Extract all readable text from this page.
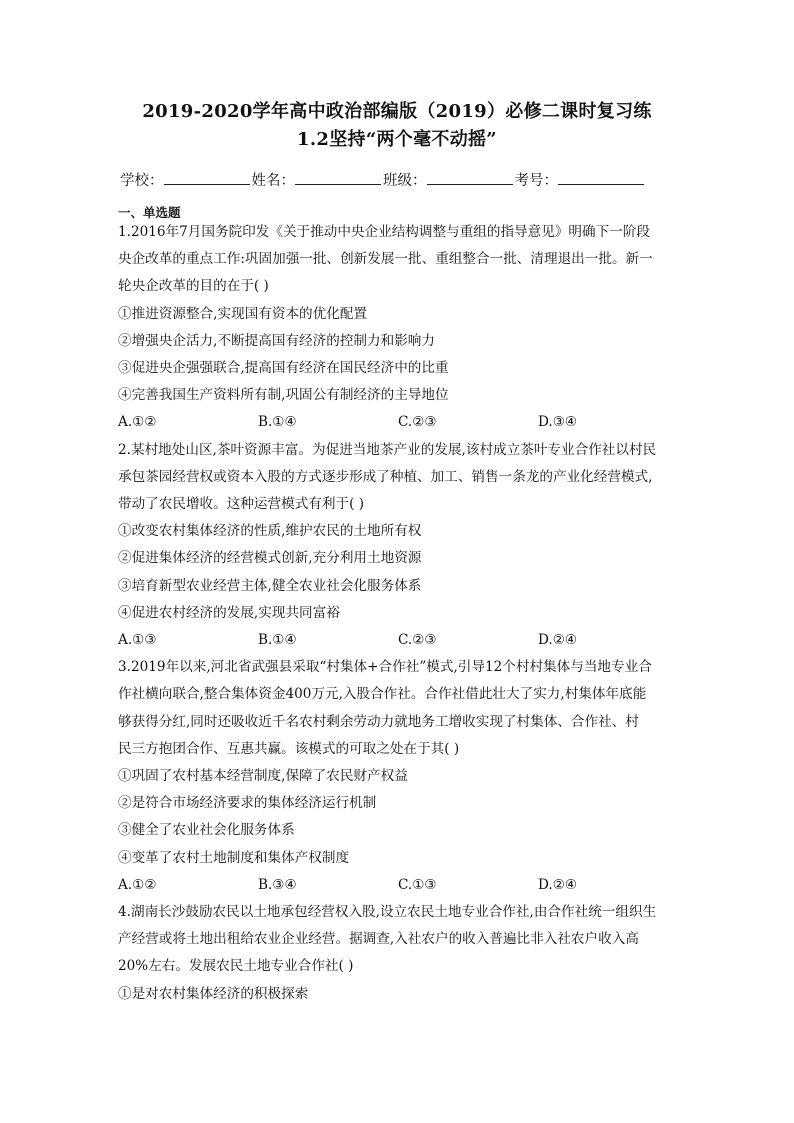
2019-2020学年高中政治部编版（2019）必修二课时复习练
1.2坚持“两个毫不动摇”
学校：	姓名：	班级：	考号：
一、单选题
1.2016年7月国务院印发《关于推动中央企业结构调整与重组的指导意见》明确下一阶段
央企改革的重点工作:巩固加强一批、创新发展一批、重组整合一批、清理退出一批。新一
轮央企改革的目的在于( )
①推进资源整合,实现国有资本的优化配置
②增强央企活力,不断提高国有经济的控制力和影响力
③促进央企强强联合,提高国有经济在国民经济中的比重
④完善我国生产资料所有制,巩固公有制经济的主导地位
A.①②	B.①④	C.②③	D.③④
2.某村地处山区,茶叶资源丰富。为促进当地茶产业的发展,该村成立茶叶专业合作社以村民
承包茶园经营权或资本入股的方式逐步形成了种植、加工、销售一条龙的产业化经营模式,
带动了农民增收。这种运营模式有利于( )
①改变农村集体经济的性质,维护农民的土地所有权
②促进集体经济的经营模式创新,充分利用土地资源
③培育新型农业经营主体,健全农业社会化服务体系
④促进农村经济的发展,实现共同富裕
A.①③	B.①④	C.②③	D.②④
3.2019年以来,河北省武强县采取“村集体+合作社”模式,引导12个村村集体与当地专业合
作社横向联合,整合集体资金400万元,入股合作社。合作社借此壮大了实力,村集体年底能
够获得分红,同时还吸收近千名农村剩余劳动力就地务工增收实现了村集体、合作社、村
民三方抱团合作、互惠共赢。该模式的可取之处在于其( )
①巩固了农村基本经营制度,保障了农民财产权益
②是符合市场经济要求的集体经济运行机制
③健全了农业社会化服务体系
④变革了农村土地制度和集体产权制度
A.①②	B.③④	C.①③	D.②④
4.湖南长沙鼓励农民以土地承包经营权入股,设立农民土地专业合作社,由合作社统一组织生
产经营或将土地出租给农业企业经营。据调查,入社农户的收入普遍比非入社农户收入高
20%左右。发展农民土地专业合作社( )
①是对农村集体经济的积极探索
